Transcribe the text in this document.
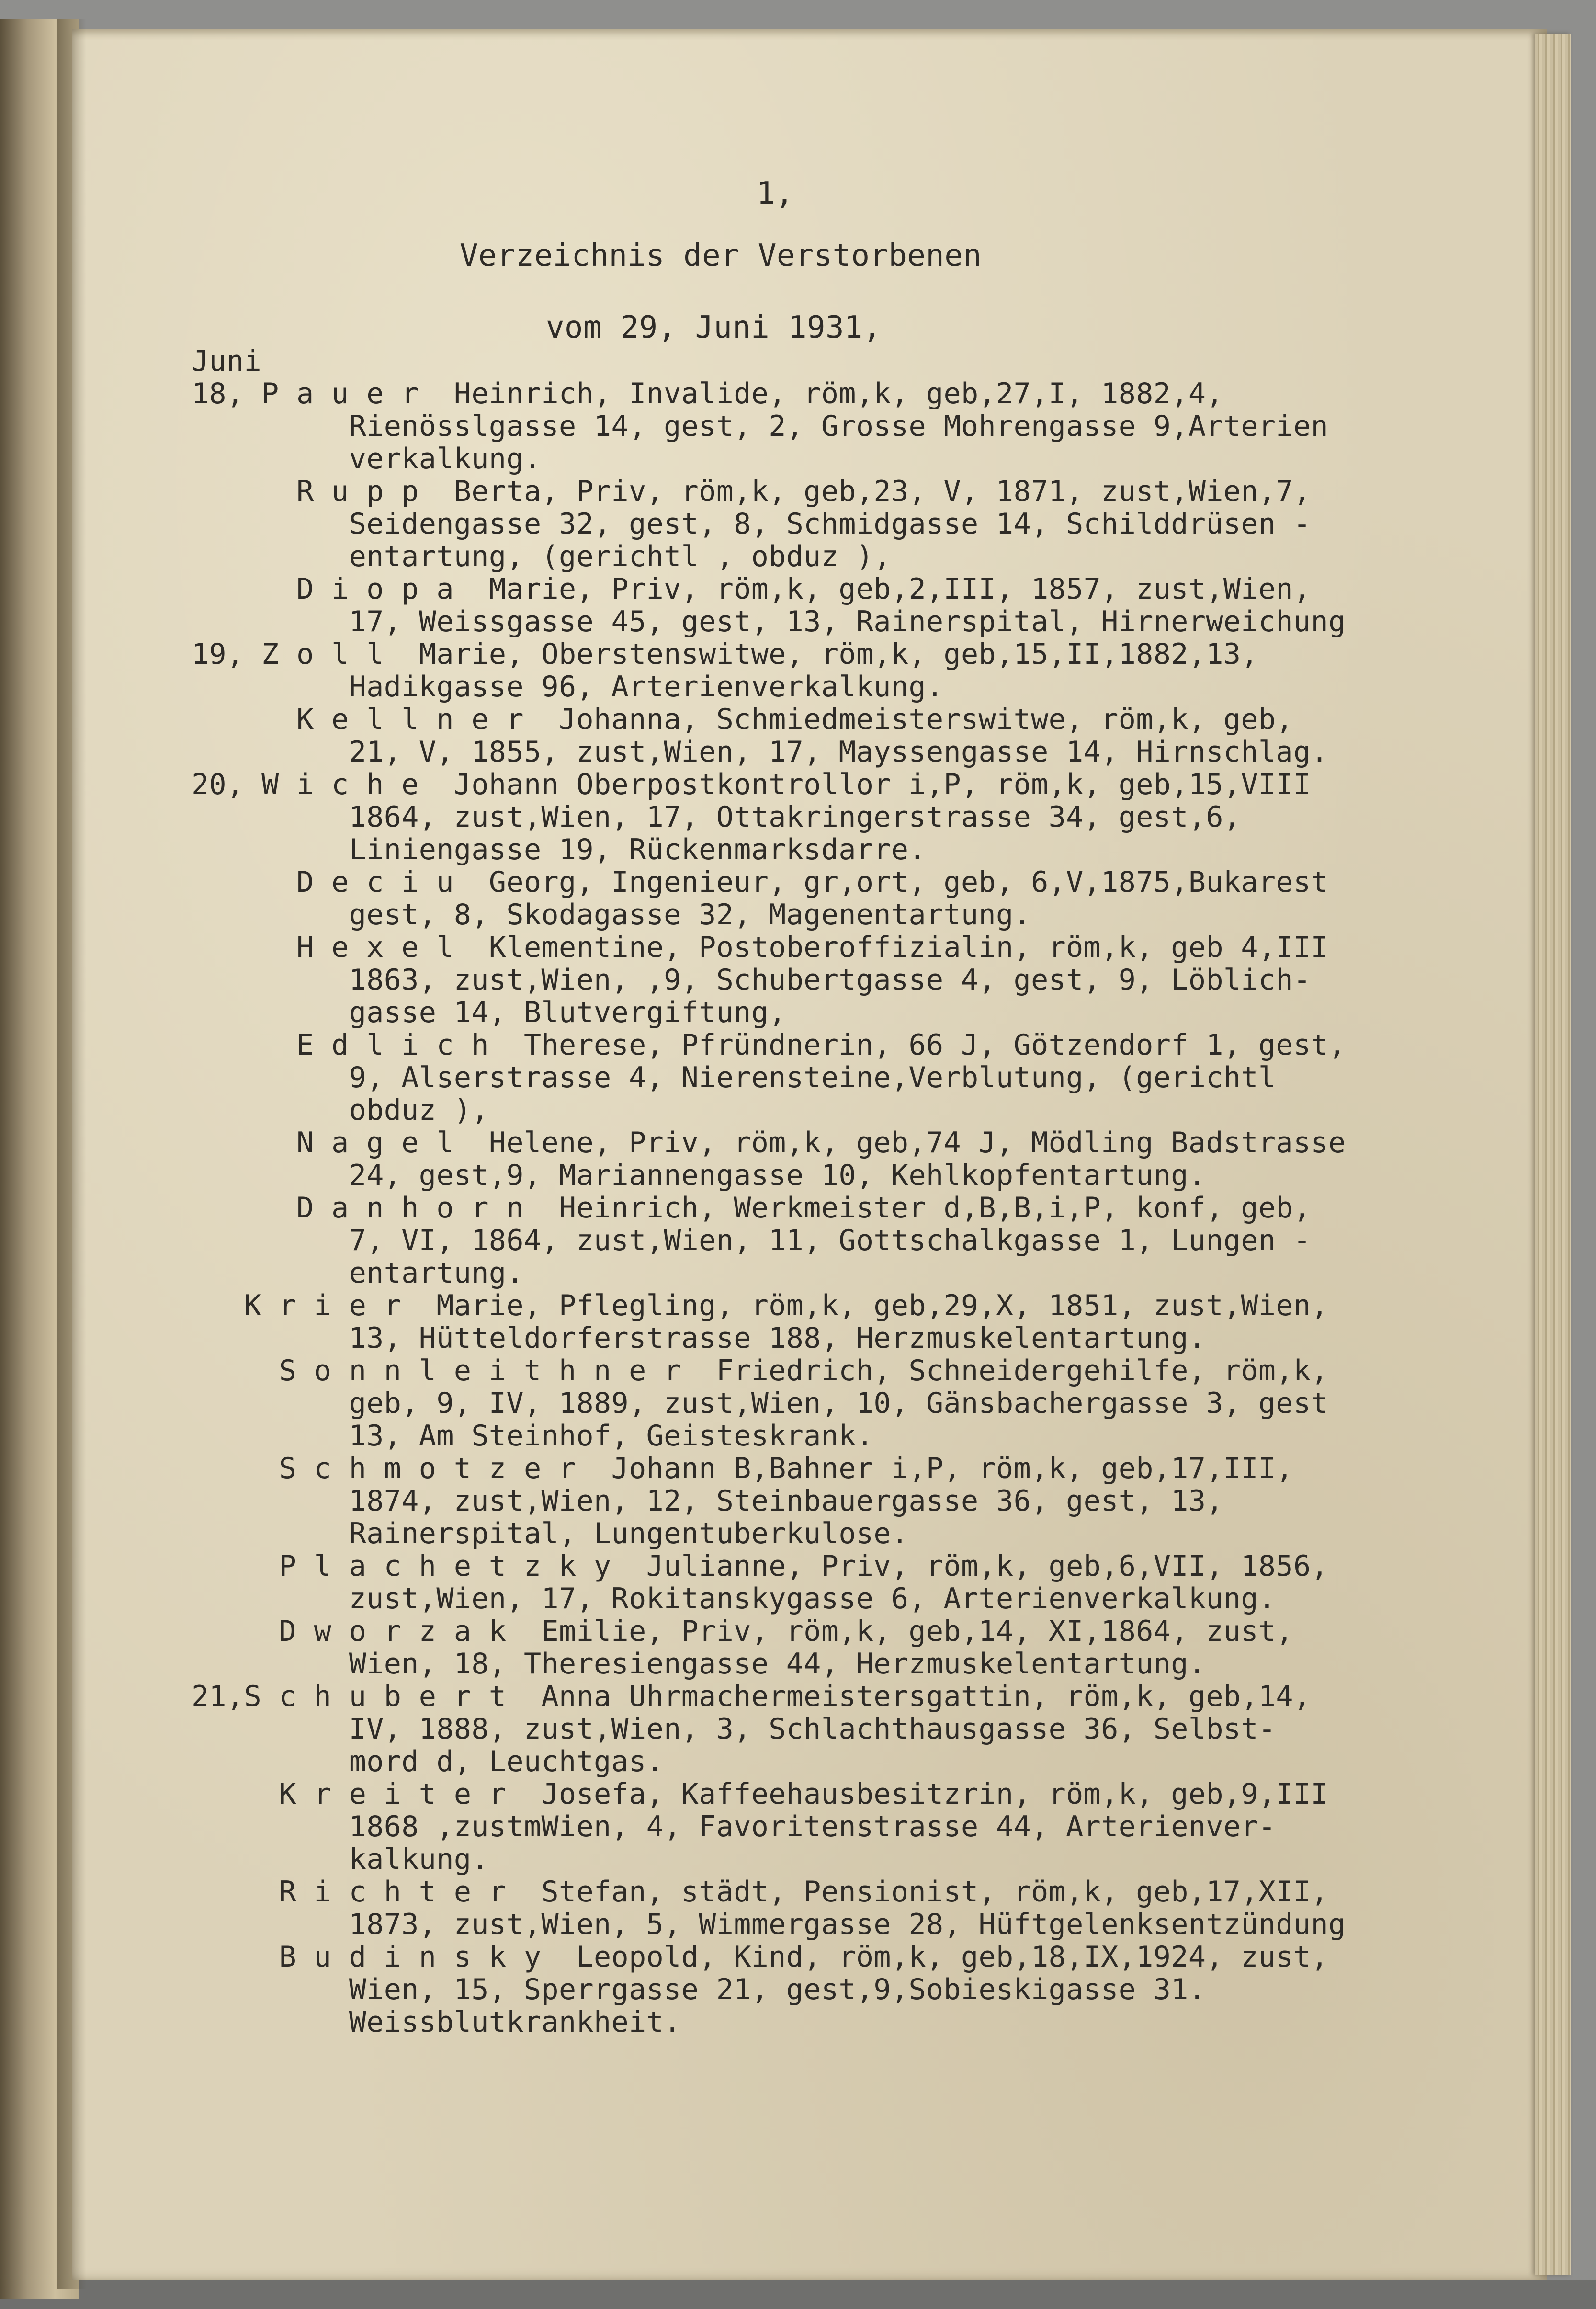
1,
Verzeichnis der Verstorbenen
vom 29, Juni 1931,
Juni
18, P a u e r  Heinrich, Invalide, röm,k, geb,27,I, 1882,4,
Rienösslgasse 14, gest, 2, Grosse Mohrengasse 9,Arterien
verkalkung.
R u p p  Berta, Priv, röm,k, geb,23, V, 1871, zust,Wien,7,
Seidengasse 32, gest, 8, Schmidgasse 14, Schilddrüsen -
entartung, (gerichtl , obduz ),
D i o p a  Marie, Priv, röm,k, geb,2,III, 1857, zust,Wien,
17, Weissgasse 45, gest, 13, Rainerspital, Hirnerweichung
19, Z o l l  Marie, Oberstenswitwe, röm,k, geb,15,II,1882,13,
Hadikgasse 96, Arterienverkalkung.
K e l l n e r  Johanna, Schmiedmeisterswitwe, röm,k, geb,
21, V, 1855, zust,Wien, 17, Mayssengasse 14, Hirnschlag.
20, W i c h e  Johann Oberpostkontrollor i,P, röm,k, geb,15,VIII
1864, zust,Wien, 17, Ottakringerstrasse 34, gest,6,
Liniengasse 19, Rückenmarksdarre.
D e c i u  Georg, Ingenieur, gr,ort, geb, 6,V,1875,Bukarest
gest, 8, Skodagasse 32, Magenentartung.
H e x e l  Klementine, Postoberoffizialin, röm,k, geb 4,III
1863, zust,Wien, ,9, Schubertgasse 4, gest, 9, Löblich-
gasse 14, Blutvergiftung,
E d l i c h  Therese, Pfründnerin, 66 J, Götzendorf 1, gest,
9, Alserstrasse 4, Nierensteine,Verblutung, (gerichtl
obduz ),
N a g e l  Helene, Priv, röm,k, geb,74 J, Mödling Badstrasse
24, gest,9, Mariannengasse 10, Kehlkopfentartung.
D a n h o r n  Heinrich, Werkmeister d,B,B,i,P, konf, geb,
7, VI, 1864, zust,Wien, 11, Gottschalkgasse 1, Lungen -
entartung.
K r i e r  Marie, Pflegling, röm,k, geb,29,X, 1851, zust,Wien,
13, Hütteldorferstrasse 188, Herzmuskelentartung.
S o n n l e i t h n e r  Friedrich, Schneidergehilfe, röm,k,
geb, 9, IV, 1889, zust,Wien, 10, Gänsbachergasse 3, gest
13, Am Steinhof, Geisteskrank.
S c h m o t z e r  Johann B,Bahner i,P, röm,k, geb,17,III,
1874, zust,Wien, 12, Steinbauergasse 36, gest, 13,
Rainerspital, Lungentuberkulose.
P l a c h e t z k y  Julianne, Priv, röm,k, geb,6,VII, 1856,
zust,Wien, 17, Rokitanskygasse 6, Arterienverkalkung.
D w o r z a k  Emilie, Priv, röm,k, geb,14, XI,1864, zust,
Wien, 18, Theresiengasse 44, Herzmuskelentartung.
21,S c h u b e r t  Anna Uhrmachermeistersgattin, röm,k, geb,14,
IV, 1888, zust,Wien, 3, Schlachthausgasse 36, Selbst-
mord d, Leuchtgas.
K r e i t e r  Josefa, Kaffeehausbesitzrin, röm,k, geb,9,III
1868 ,zustmWien, 4, Favoritenstrasse 44, Arterienver-
kalkung.
R i c h t e r  Stefan, städt, Pensionist, röm,k, geb,17,XII,
1873, zust,Wien, 5, Wimmergasse 28, Hüftgelenksentzündung
B u d i n s k y  Leopold, Kind, röm,k, geb,18,IX,1924, zust,
Wien, 15, Sperrgasse 21, gest,9,Sobieskigasse 31.
Weissblutkrankheit.
